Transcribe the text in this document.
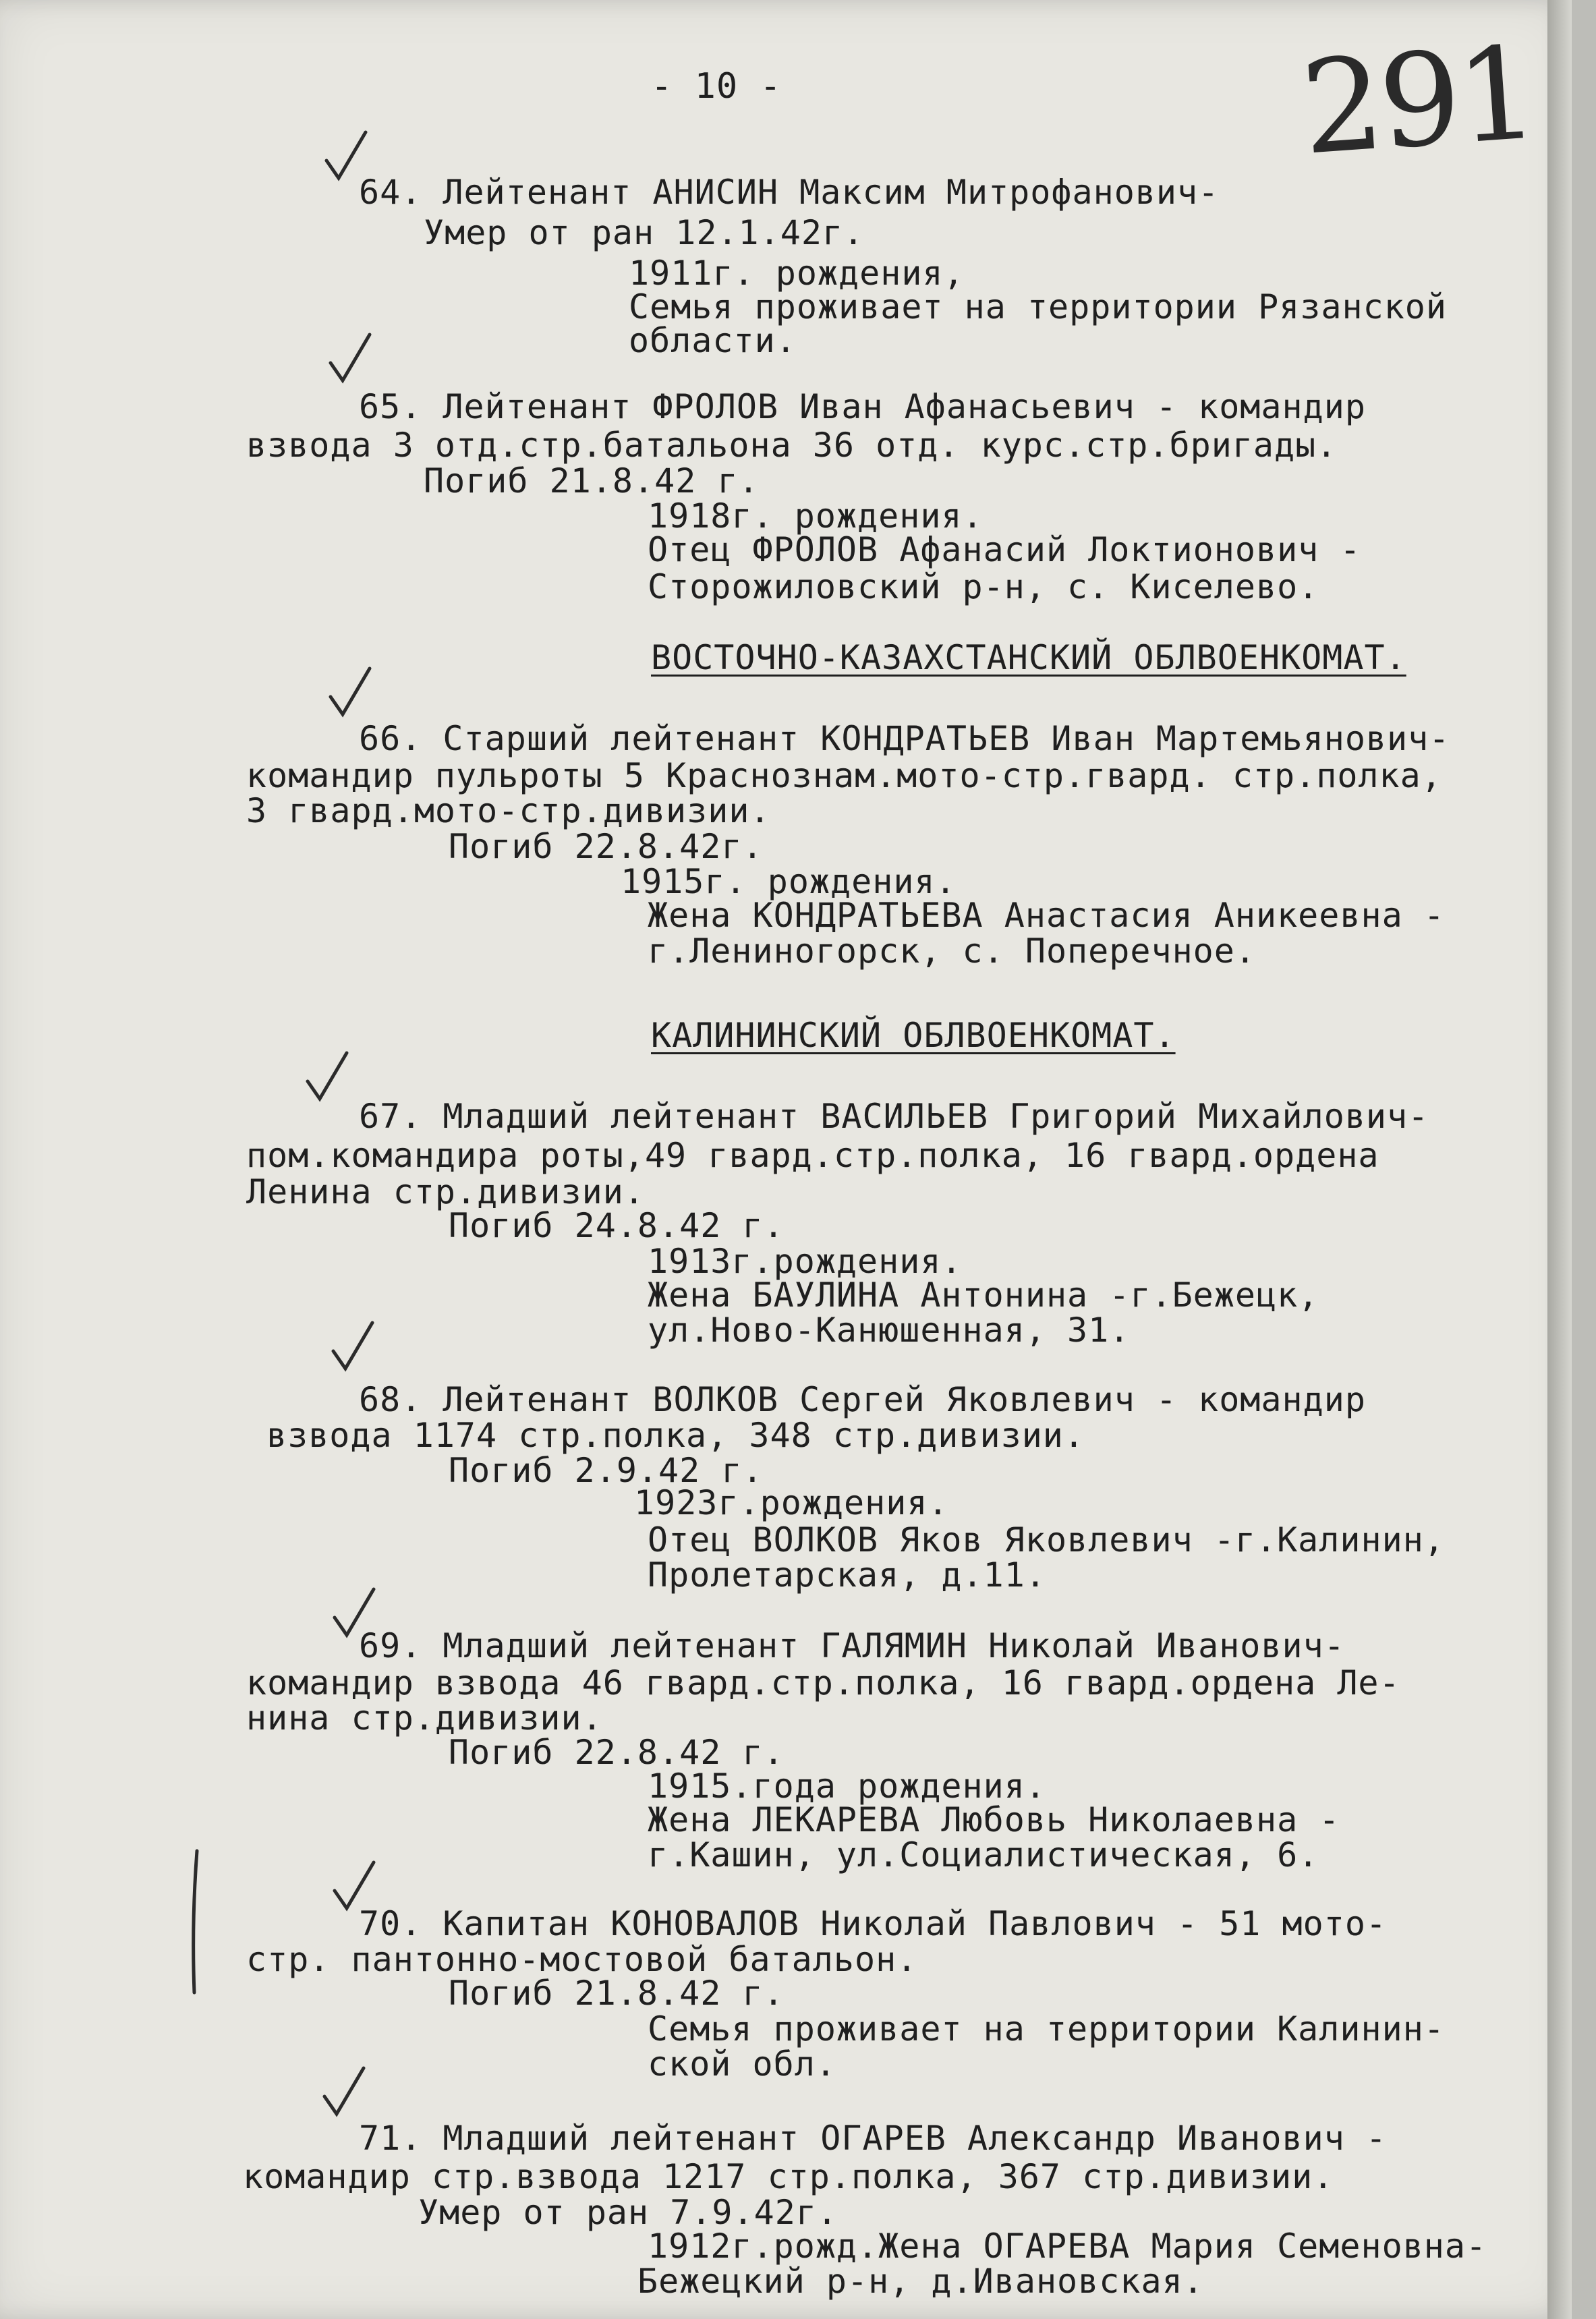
- 10 -	291
64. Лейтенант АНИСИН Максим Митрофанович-
Умер от ран 12.1.42г.
1911г. рождения,
Семья проживает на территории Рязанской
области.
65. Лейтенант ФРОЛОВ Иван Афанасьевич - командир
взвода 3 отд.стр.батальона 36 отд. курс.стр.бригады.
Погиб 21.8.42 г.
1918г. рождения.
Отец ФРОЛОВ Афанасий Локтионович -
Сторожиловский р-н, с. Киселево.
ВОСТОЧНО-КАЗАХСТАНСКИЙ ОБЛВОЕНКОМАТ.
66. Старший лейтенант КОНДРАТЬЕВ Иван Мартемьянович-
командир пульроты 5 Краснознам.мото-стр.гвард. стр.полка,
3 гвард.мото-стр.дивизии.
Погиб 22.8.42г.
1915г. рождения.
Жена КОНДРАТЬЕВА Анастасия Аникеевна -
г.Лениногорск, с. Поперечное.
КАЛИНИНСКИЙ ОБЛВОЕНКОМАТ.
67. Младший лейтенант ВАСИЛЬЕВ Григорий Михайлович-
пом.командира роты,49 гвард.стр.полка, 16 гвард.ордена
Ленина стр.дивизии.
Погиб 24.8.42 г.
1913г.рождения.
Жена БАУЛИНА Антонина -г.Бежецк,
ул.Ново-Канюшенная, 31.
68. Лейтенант ВОЛКОВ Сергей Яковлевич - командир
взвода 1174 стр.полка, 348 стр.дивизии.
Погиб 2.9.42 г.
1923г.рождения.
Отец ВОЛКОВ Яков Яковлевич -г.Калинин,
Пролетарская, д.11.
69. Младший лейтенант ГАЛЯМИН Николай Иванович-
командир взвода 46 гвард.стр.полка, 16 гвард.ордена Ле-
нина стр.дивизии.
Погиб 22.8.42 г.
1915.года рождения.
Жена ЛЕКАРЕВА Любовь Николаевна -
г.Кашин, ул.Социалистическая, 6.
70. Капитан КОНОВАЛОВ Николай Павлович - 51 мото-
стр. пантонно-мостовой батальон.
Погиб 21.8.42 г.
Семья проживает на территории Калинин-
ской обл.
71. Младший лейтенант ОГАРЕВ Александр Иванович -
командир стр.взвода 1217 стр.полка, 367 стр.дивизии.
Умер от ран 7.9.42г.
1912г.рожд.Жена ОГАРЕВА Мария Семеновна-
Бежецкий р-н, д.Ивановская.
